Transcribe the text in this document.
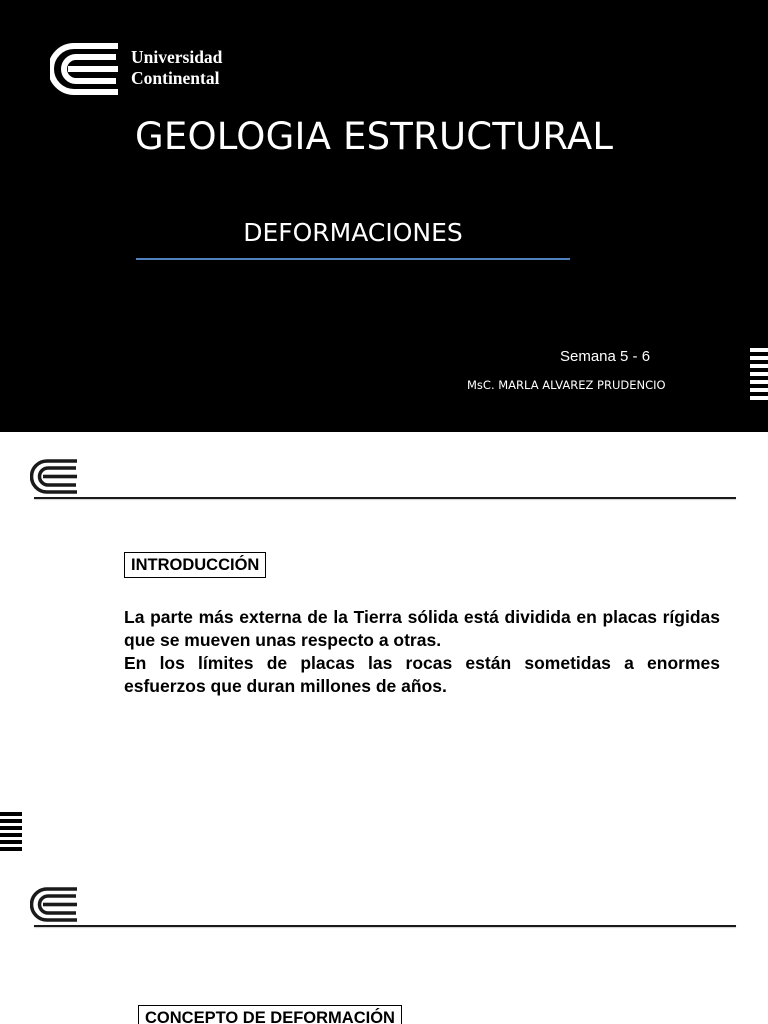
Universidad
Continental
GEOLOGIA ESTRUCTURAL
DEFORMACIONES
Semana 5 - 6
MsC. MARLA ALVAREZ PRUDENCIO
INTRODUCCIÓN

La parte más externa de la Tierra sólida está dividida en placas rígidas que se mueven unas respecto a otras.

En los límites de placas las rocas están sometidas a enormes esfuerzos que duran millones de años.

CONCEPTO DE DEFORMACIÓN
